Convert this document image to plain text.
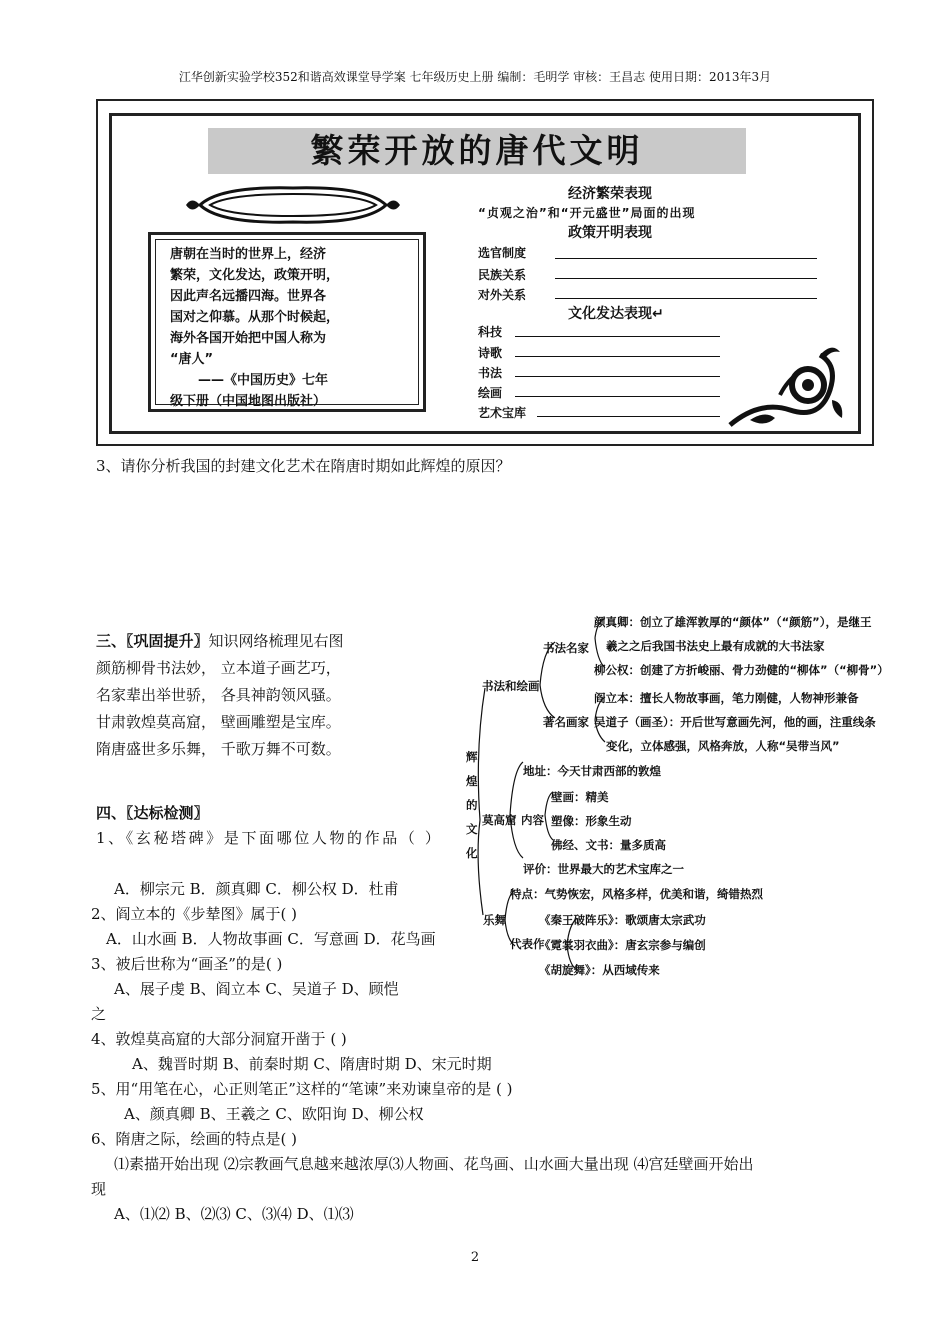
江华创新实验学校352和谐高效课堂导学案 七年级历史上册 编制：毛明学 审核：王昌志 使用日期：2013年3月
繁荣开放的唐代文明
唐朝在当时的世界上，经济
繁荣，文化发达，政策开明，
因此声名远播四海。世界各
国对之仰慕。从那个时候起，
海外各国开始把中国人称为
“唐人”
——《中国历史》七年
级下册（中国地图出版社）
经济繁荣表现
“贞观之治”和“开元盛世”局面的出现
政策开明表现
选官制度
民族关系
对外关系
文化发达表现↵
科技
诗歌
书法
绘画
艺术宝库
3、请你分析我国的封建文化艺术在隋唐时期如此辉煌的原因？
三、〖巩固提升〗知识网络梳理见右图
颜筋柳骨书法妙， 立本道子画艺巧，
名家辈出举世骄， 各具神韵领风骚。
甘肃敦煌莫高窟， 壁画雕塑是宝库。
隋唐盛世多乐舞， 千歌万舞不可数。	辉
煌
的
文
化
书法和绘画
书法名家
颜真卿：创立了雄浑敦厚的“颜体”（“颜筋”），是继王
羲之之后我国书法史上最有成就的大书法家
柳公权：创建了方折峻丽、骨力劲健的“柳体”（“柳骨”）
著名画家
阎立本：擅长人物故事画，笔力刚健，人物神形兼备
吴道子（画圣）：开后世写意画先河，他的画，注重线条
变化，立体感强，风格奔放，人称“吴带当风”
莫高窟
地址：今天甘肃西部的敦煌
内容
壁画：精美
塑像：形象生动
佛经、文书：量多质高
评价：世界最大的艺术宝库之一
乐舞
特点：气势恢宏，风格多样，优美和谐，绮错热烈
代表作
《秦王破阵乐》：歌颂唐太宗武功
《霓裳羽衣曲》：唐玄宗参与编创
《胡旋舞》：从西域传来
四、〖达标检测〗
1、《玄秘塔碑》是下面哪位人物的作品（ ）
A．柳宗元 B．颜真卿 C．柳公权 D．杜甫
2、阎立本的《步辇图》属于( )
A．山水画 B．人物故事画 C．写意画 D．花鸟画
3、被后世称为“画圣”的是( )
A、展子虔 B、阎立本 C、吴道子 D、顾恺
之
4、敦煌莫高窟的大部分洞窟开凿于 ( )
A、魏晋时期 B、前秦时期 C、隋唐时期 D、宋元时期
5、用“用笔在心，心正则笔正”这样的“笔谏”来劝谏皇帝的是 ( )
A、颜真卿 B、王羲之 C、欧阳询 D、柳公权
6、隋唐之际，绘画的特点是( )
⑴素描开始出现 ⑵宗教画气息越来越浓厚⑶人物画、花鸟画、山水画大量出现 ⑷宫廷壁画开始出
现
A、⑴⑵ B、⑵⑶ C、⑶⑷ D、⑴⑶
2
